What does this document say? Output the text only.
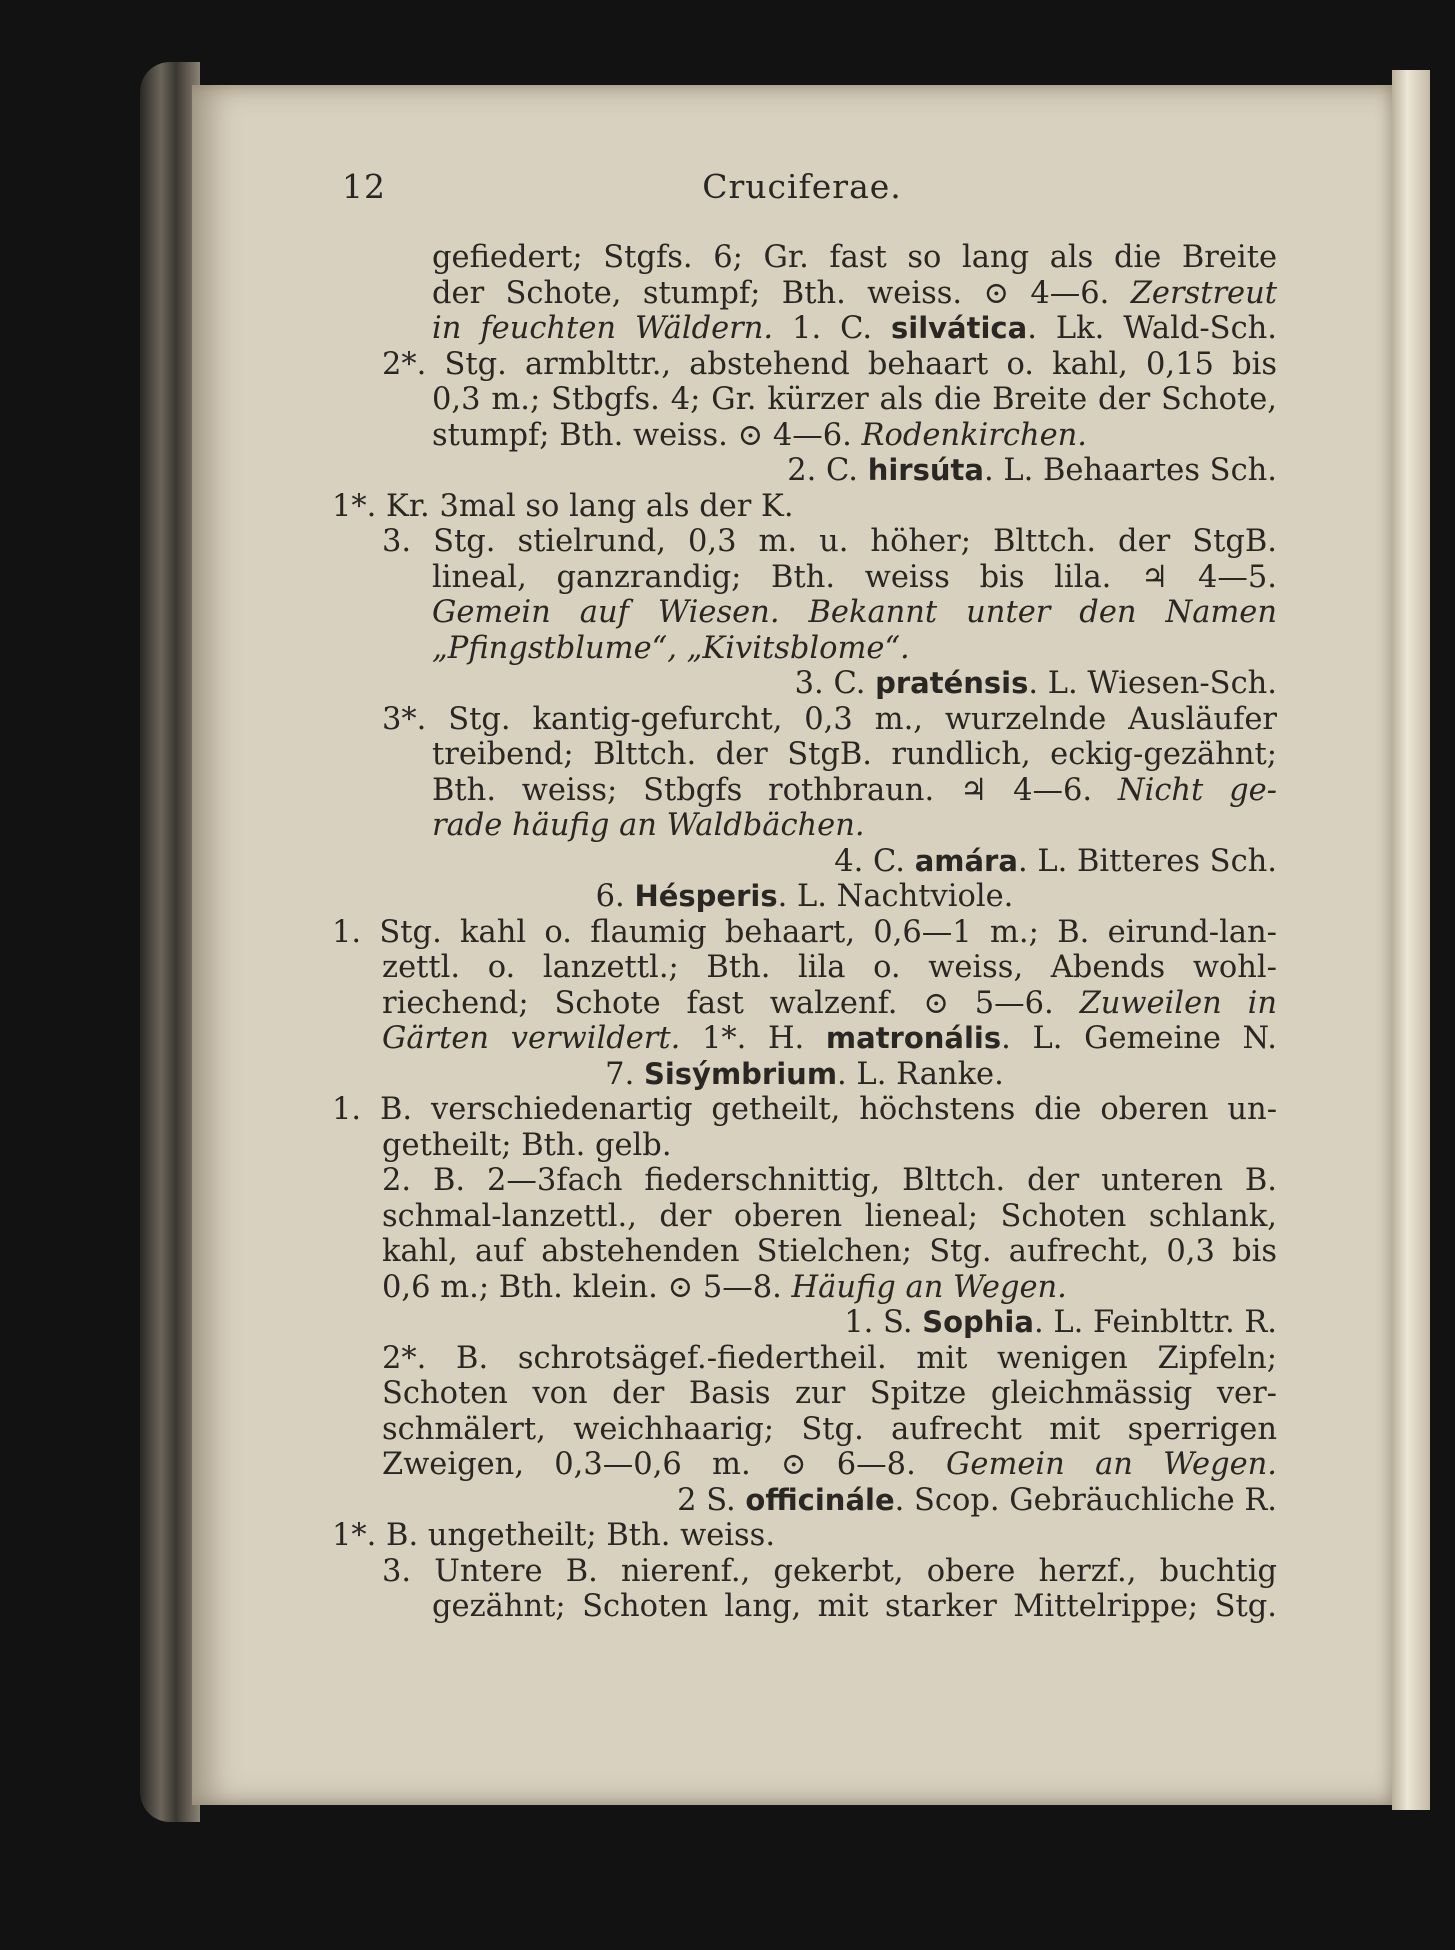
12	Cruciferae.
gefiedert; Stgfs. 6; Gr. fast so lang als die Breite
der Schote, stumpf; Bth. weiss. ⊙ 4—6. Zerstreut
in feuchten Wäldern. 1. C. silvática. Lk. Wald-Sch.
2*. Stg. armblttr., abstehend behaart o. kahl, 0,15 bis
0,3 m.; Stbgfs. 4; Gr. kürzer als die Breite der Schote,
stumpf; Bth. weiss. ⊙ 4—6. Rodenkirchen.
2. C. hirsúta. L. Behaartes Sch.
1*. Kr. 3mal so lang als der K.
3. Stg. stielrund, 0,3 m. u. höher; Blttch. der StgB.
lineal, ganzrandig; Bth. weiss bis lila. ♃ 4—5.
Gemein auf Wiesen. Bekannt unter den Namen
„Pfingstblume“, „Kivitsblome“.
3. C. praténsis. L. Wiesen-Sch.
3*. Stg. kantig-gefurcht, 0,3 m., wurzelnde Ausläufer
treibend; Blttch. der StgB. rundlich, eckig-gezähnt;
Bth. weiss; Stbgfs rothbraun. ♃ 4—6. Nicht ge-
rade häufig an Waldbächen.
4. C. amára. L. Bitteres Sch.
6. Hésperis. L. Nachtviole.
1. Stg. kahl o. flaumig behaart, 0,6—1 m.; B. eirund-lan-
zettl. o. lanzettl.; Bth. lila o. weiss, Abends wohl-
riechend; Schote fast walzenf. ⊙ 5—6. Zuweilen in
Gärten verwildert. 1*. H. matronális. L. Gemeine N.
7. Sisýmbrium. L. Ranke.
1. B. verschiedenartig getheilt, höchstens die oberen un-
getheilt; Bth. gelb.
2. B. 2—3fach fiederschnittig, Blttch. der unteren B.
schmal-lanzettl., der oberen lieneal; Schoten schlank,
kahl, auf abstehenden Stielchen; Stg. aufrecht, 0,3 bis
0,6 m.; Bth. klein. ⊙ 5—8. Häufig an Wegen.
1. S. Sophia. L. Feinblttr. R.
2*. B. schrotsägef.-fiedertheil. mit wenigen Zipfeln;
Schoten von der Basis zur Spitze gleichmässig ver-
schmälert, weichhaarig; Stg. aufrecht mit sperrigen
Zweigen, 0,3—0,6 m. ⊙ 6—8. Gemein an Wegen.
2 S. officinále. Scop. Gebräuchliche R.
1*. B. ungetheilt; Bth. weiss.
3. Untere B. nierenf., gekerbt, obere herzf., buchtig
gezähnt; Schoten lang, mit starker Mittelrippe; Stg.
